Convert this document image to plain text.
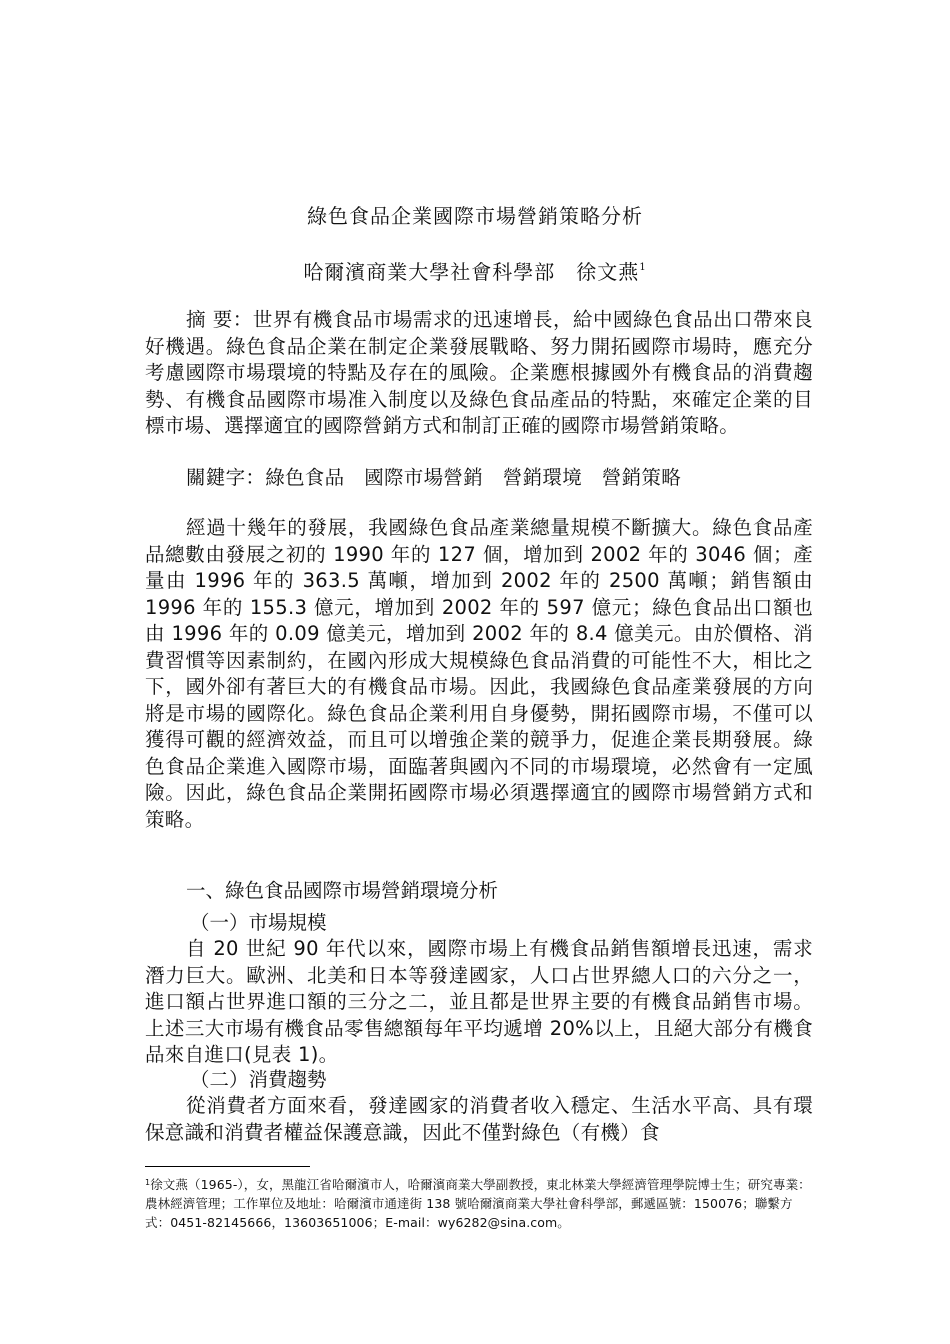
綠色食品企業國際市場營銷策略分析
哈爾濱商業大學社會科學部　徐文燕$^1$

摘 要：世界有機食品市場需求的迅速增長，給中國綠色食品出口帶來良好機遇。綠色食品企業在制定企業發展戰略、努力開拓國際市場時，應充分考慮國際市場環境的特點及存在的風險。企業應根據國外有機食品的消費趨勢、有機食品國際市場准入制度以及綠色食品產品的特點，來確定企業的目標市場、選擇適宜的國際營銷方式和制訂正確的國際市場營銷策略。

關鍵字：綠色食品　國際市場營銷　營銷環境　營銷策略

經過十幾年的發展，我國綠色食品產業總量規模不斷擴大。綠色食品產品總數由發展之初的 1990 年的 127 個，增加到 2002 年的 3046 個；產量由 1996 年的 363.5 萬噸，增加到 2002 年的 2500 萬噸；銷售額由 1996 年的 155.3 億元，增加到 2002 年的 597 億元；綠色食品出口額也由 1996 年的 0.09 億美元，增加到 2002 年的 8.4 億美元。由於價格、消費習慣等因素制約，在國內形成大規模綠色食品消費的可能性不大，相比之下，國外卻有著巨大的有機食品市場。因此，我國綠色食品產業發展的方向將是市場的國際化。綠色食品企業利用自身優勢，開拓國際市場，不僅可以獲得可觀的經濟效益，而且可以增強企業的競爭力，促進企業長期發展。綠色食品企業進入國際市場，面臨著與國內不同的市場環境，必然會有一定風險。因此，綠色食品企業開拓國際市場必須選擇適宜的國際市場營銷方式和策略。

一、綠色食品國際市場營銷環境分析
（一）市場規模

自 20 世紀 90 年代以來，國際市場上有機食品銷售額增長迅速，需求潛力巨大。歐洲、北美和日本等發達國家，人口占世界總人口的六分之一，進口額占世界進口額的三分之二，並且都是世界主要的有機食品銷售市場。上述三大市場有機食品零售總額每年平均遞增 20%以上，且絕大部分有機食品來自進口(見表 1)。

（二）消費趨勢

從消費者方面來看，發達國家的消費者收入穩定、生活水平高、具有環保意識和消費者權益保護意識，因此不僅對綠色（有機）食

$^1$徐文燕（1965-），女，黑龍江省哈爾濱市人，哈爾濱商業大學副教授，東北林業大學經濟管理學院博士生；研究專業：農林經濟管理；工作單位及地址：哈爾濱市通達街 138 號哈爾濱商業大學社會科學部，郵遞區號：150076；聯繫方式：0451-82145666，13603651006；E-mail：wy6282@sina.com。
